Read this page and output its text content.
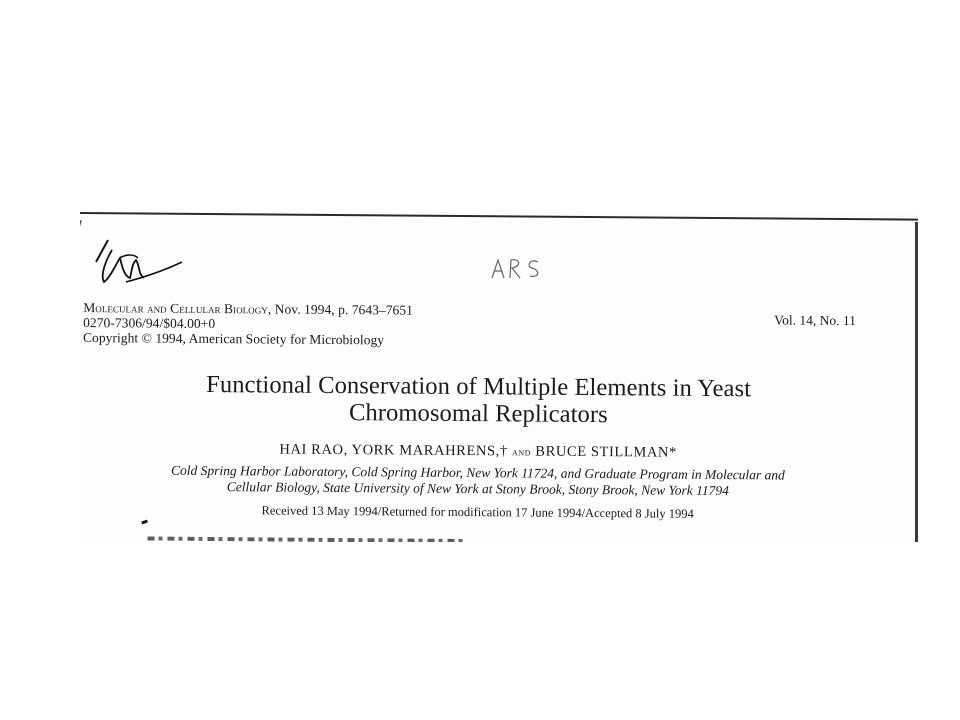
Molecular and Cellular Biology, Nov. 1994, p. 7643–7651
0270-7306/94/$04.00+0
Copyright © 1994, American Society for Microbiology
Vol. 14, No. 11
Functional Conservation of Multiple Elements in Yeast
Chromosomal Replicators
HAI RAO, YORK MARAHRENS,† and BRUCE STILLMAN*
Cold Spring Harbor Laboratory, Cold Spring Harbor, New York 11724, and Graduate Program in Molecular and
Cellular Biology, State University of New York at Stony Brook, Stony Brook, New York 11794
Received 13 May 1994/Returned for modification 17 June 1994/Accepted 8 July 1994
